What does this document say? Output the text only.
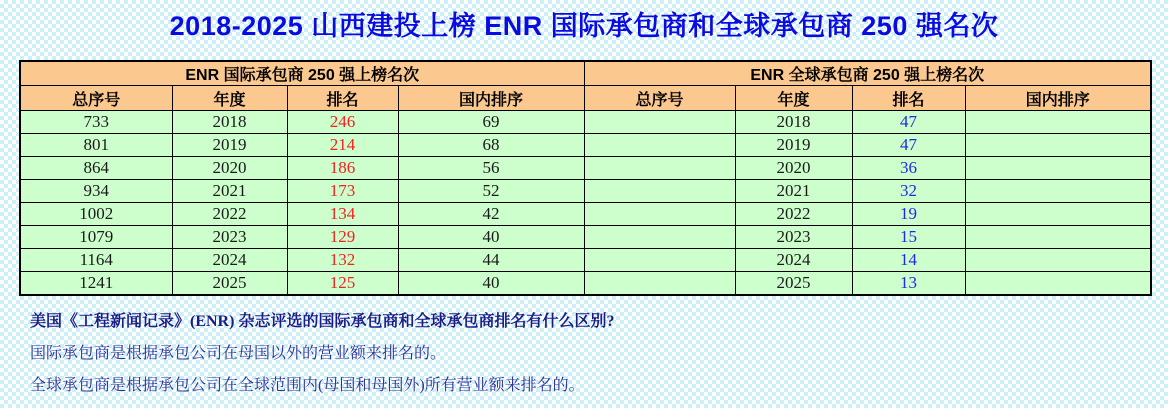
2018-2025 山西建投上榜 ENR 国际承包商和全球承包商 250 强名次
ENR 国际承包商 250 强上榜名次				ENR 全球承包商 250 强上榜名次			
总序号	年度	排名	国内排序	总序号	年度	排名	国内排序
733	2018	246	69		2018	47	
801	2019	214	68		2019	47	
864	2020	186	56		2020	36	
934	2021	173	52		2021	32	
1002	2022	134	42		2022	19	
1079	2023	129	40		2023	15	
1164	2024	132	44		2024	14	
1241	2025	125	40		2025	13	

美国《工程新闻记录》(ENR) 杂志评选的国际承包商和全球承包商排名有什么区别?

国际承包商是根据承包公司在母国以外的营业额来排名的。

全球承包商是根据承包公司在全球范围内(母国和母国外)所有营业额来排名的。
